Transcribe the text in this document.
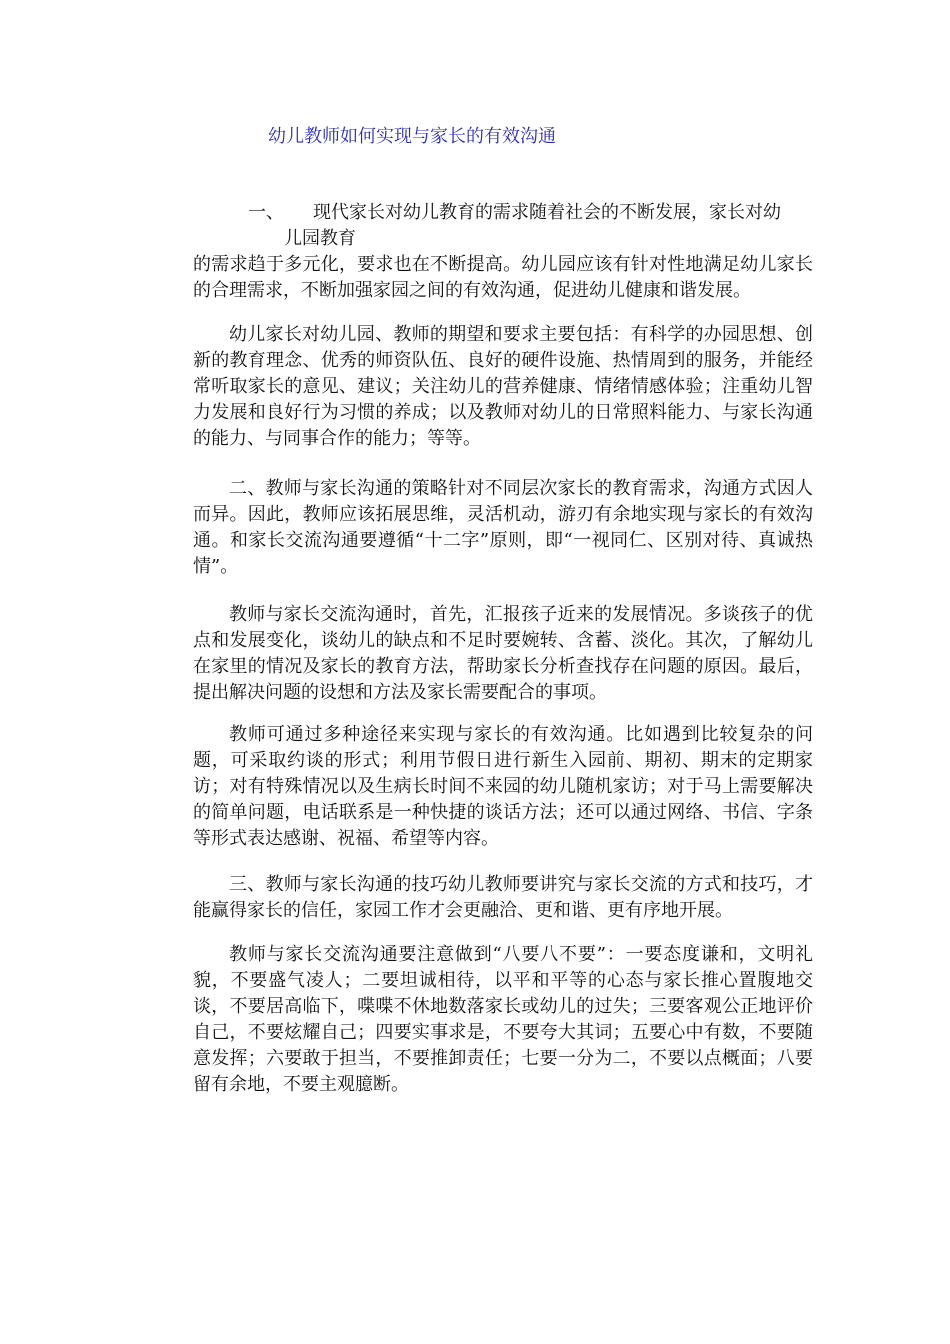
幼儿教师如何实现与家长的有效沟通
一、 现代家长对幼儿教育的需求随着社会的不断发展，家长对幼
儿园教育

的需求趋于多元化，要求也在不断提高。幼儿园应该有针对性地满足幼儿家长的合理需求，不断加强家园之间的有效沟通，促进幼儿健康和谐发展。

幼儿家长对幼儿园、教师的期望和要求主要包括：有科学的办园思想、创新的教育理念、优秀的师资队伍、良好的硬件设施、热情周到的服务，并能经常听取家长的意见、建议；关注幼儿的营养健康、情绪情感体验；注重幼儿智力发展和良好行为习惯的养成；以及教师对幼儿的日常照料能力、与家长沟通的能力、与同事合作的能力；等等。

二、教师与家长沟通的策略针对不同层次家长的教育需求，沟通方式因人而异。因此，教师应该拓展思维，灵活机动，游刃有余地实现与家长的有效沟通。和家长交流沟通要遵循“十二字”原则，即“一视同仁、区别对待、真诚热情”。

教师与家长交流沟通时，首先，汇报孩子近来的发展情况。多谈孩子的优点和发展变化，谈幼儿的缺点和不足时要婉转、含蓄、淡化。其次，了解幼儿在家里的情况及家长的教育方法，帮助家长分析查找存在问题的原因。最后，提出解决问题的设想和方法及家长需要配合的事项。

教师可通过多种途径来实现与家长的有效沟通。比如遇到比较复杂的问题，可采取约谈的形式；利用节假日进行新生入园前、期初、期末的定期家访；对有特殊情况以及生病长时间不来园的幼儿随机家访；对于马上需要解决的简单问题，电话联系是一种快捷的谈话方法；还可以通过网络、书信、字条等形式表达感谢、祝福、希望等内容。

三、教师与家长沟通的技巧幼儿教师要讲究与家长交流的方式和技巧，才能赢得家长的信任，家园工作才会更融洽、更和谐、更有序地开展。

教师与家长交流沟通要注意做到“八要八不要”：一要态度谦和，文明礼貌，不要盛气凌人；二要坦诚相待，以平和平等的心态与家长推心置腹地交谈，不要居高临下，喋喋不休地数落家长或幼儿的过失；三要客观公正地评价自己，不要炫耀自己；四要实事求是，不要夸大其词；五要心中有数，不要随意发挥；六要敢于担当，不要推卸责任；七要一分为二，不要以点概面；八要留有余地，不要主观臆断。
